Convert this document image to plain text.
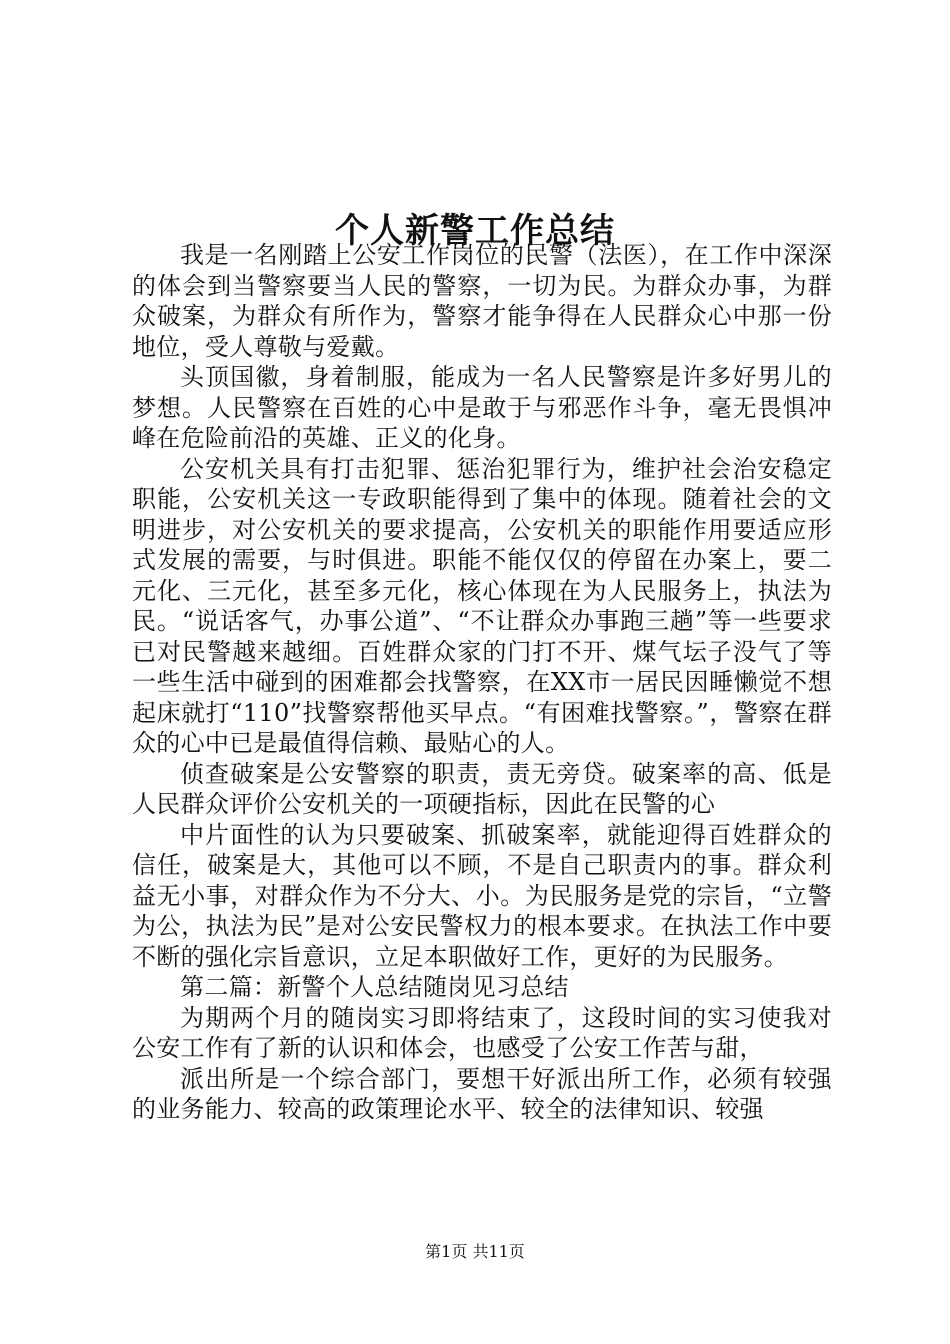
个人新警工作总结

我是一名刚踏上公安工作岗位的民警（法医），在工作中深深的体会到当警察要当人民的警察，一切为民。为群众办事，为群众破案，为群众有所作为，警察才能争得在人民群众心中那一份地位，受人尊敬与爱戴。

头顶国徽，身着制服，能成为一名人民警察是许多好男儿的梦想。人民警察在百姓的心中是敢于与邪恶作斗争，毫无畏惧冲峰在危险前沿的英雄、正义的化身。

公安机关具有打击犯罪、惩治犯罪行为，维护社会治安稳定职能，公安机关这一专政职能得到了集中的体现。随着社会的文明进步，对公安机关的要求提高，公安机关的职能作用要适应形式发展的需要，与时俱进。职能不能仅仅的停留在办案上，要二元化、三元化，甚至多元化，核心体现在为人民服务上，执法为民。“说话客气，办事公道”、“不让群众办事跑三趟”等一些要求已对民警越来越细。百姓群众家的门打不开、煤气坛子没气了等一些生活中碰到的困难都会找警察，在XX市一居民因睡懒觉不想起床就打“110”找警察帮他买早点。“有困难找警察。”，警察在群众的心中已是最值得信赖、最贴心的人。

侦查破案是公安警察的职责，责无旁贷。破案率的高、低是人民群众评价公安机关的一项硬指标，因此在民警的心

中片面性的认为只要破案、抓破案率，就能迎得百姓群众的信任，破案是大，其他可以不顾，不是自己职责内的事。群众利益无小事，对群众作为不分大、小。为民服务是党的宗旨，“立警为公，执法为民”是对公安民警权力的根本要求。在执法工作中要不断的强化宗旨意识，立足本职做好工作，更好的为民服务。

第二篇：新警个人总结随岗见习总结

为期两个月的随岗实习即将结束了，这段时间的实习使我对公安工作有了新的认识和体会，也感受了公安工作苦与甜，

派出所是一个综合部门，要想干好派出所工作，必须有较强的业务能力、较高的政策理论水平、较全的法律知识、较强

第1页 共11页
